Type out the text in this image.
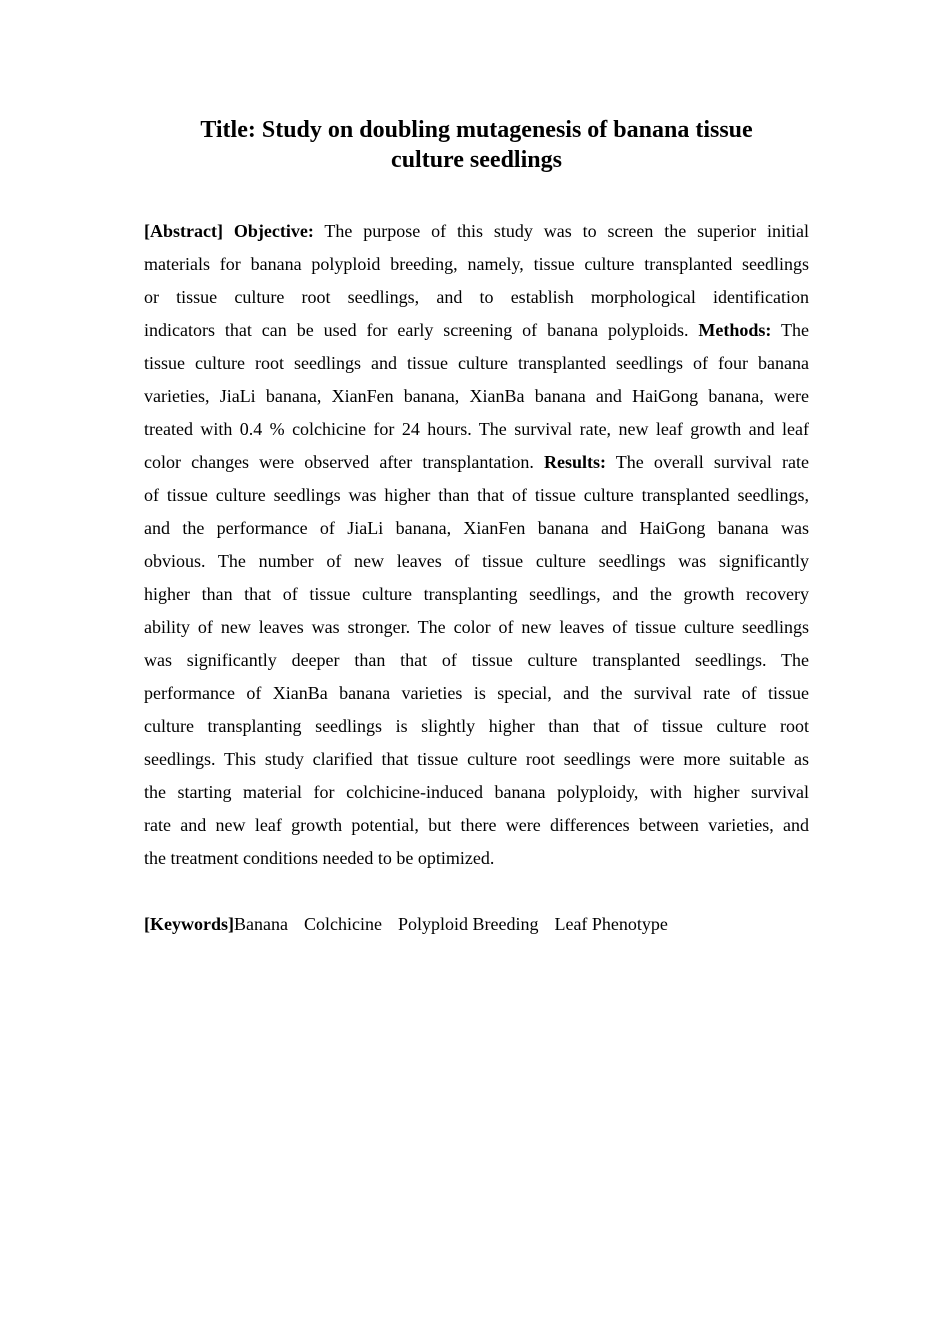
Title: Study on doubling mutagenesis of banana tissue
culture seedlings
[Abstract] Objective: The purpose of this study was to screen the superior initial
materials for banana polyploid breeding, namely, tissue culture transplanted seedlings
or tissue culture root seedlings, and to establish morphological identification
indicators that can be used for early screening of banana polyploids. Methods: The
tissue culture root seedlings and tissue culture transplanted seedlings of four banana
varieties, JiaLi banana, XianFen banana, XianBa banana and HaiGong banana, were
treated with 0.4 % colchicine for 24 hours. The survival rate, new leaf growth and leaf
color changes were observed after transplantation. Results: The overall survival rate
of tissue culture seedlings was higher than that of tissue culture transplanted seedlings,
and the performance of JiaLi banana, XianFen banana and HaiGong banana was
obvious. The number of new leaves of tissue culture seedlings was significantly
higher than that of tissue culture transplanting seedlings, and the growth recovery
ability of new leaves was stronger. The color of new leaves of tissue culture seedlings
was significantly deeper than that of tissue culture transplanted seedlings. The
performance of XianBa banana varieties is special, and the survival rate of tissue
culture transplanting seedlings is slightly higher than that of tissue culture root
seedlings. This study clarified that tissue culture root seedlings were more suitable as
the starting material for colchicine-induced banana polyploidy, with higher survival
rate and new leaf growth potential, but there were differences between varieties, and
the treatment conditions needed to be optimized.
[Keywords]Banana Colchicine Polyploid Breeding Leaf Phenotype
